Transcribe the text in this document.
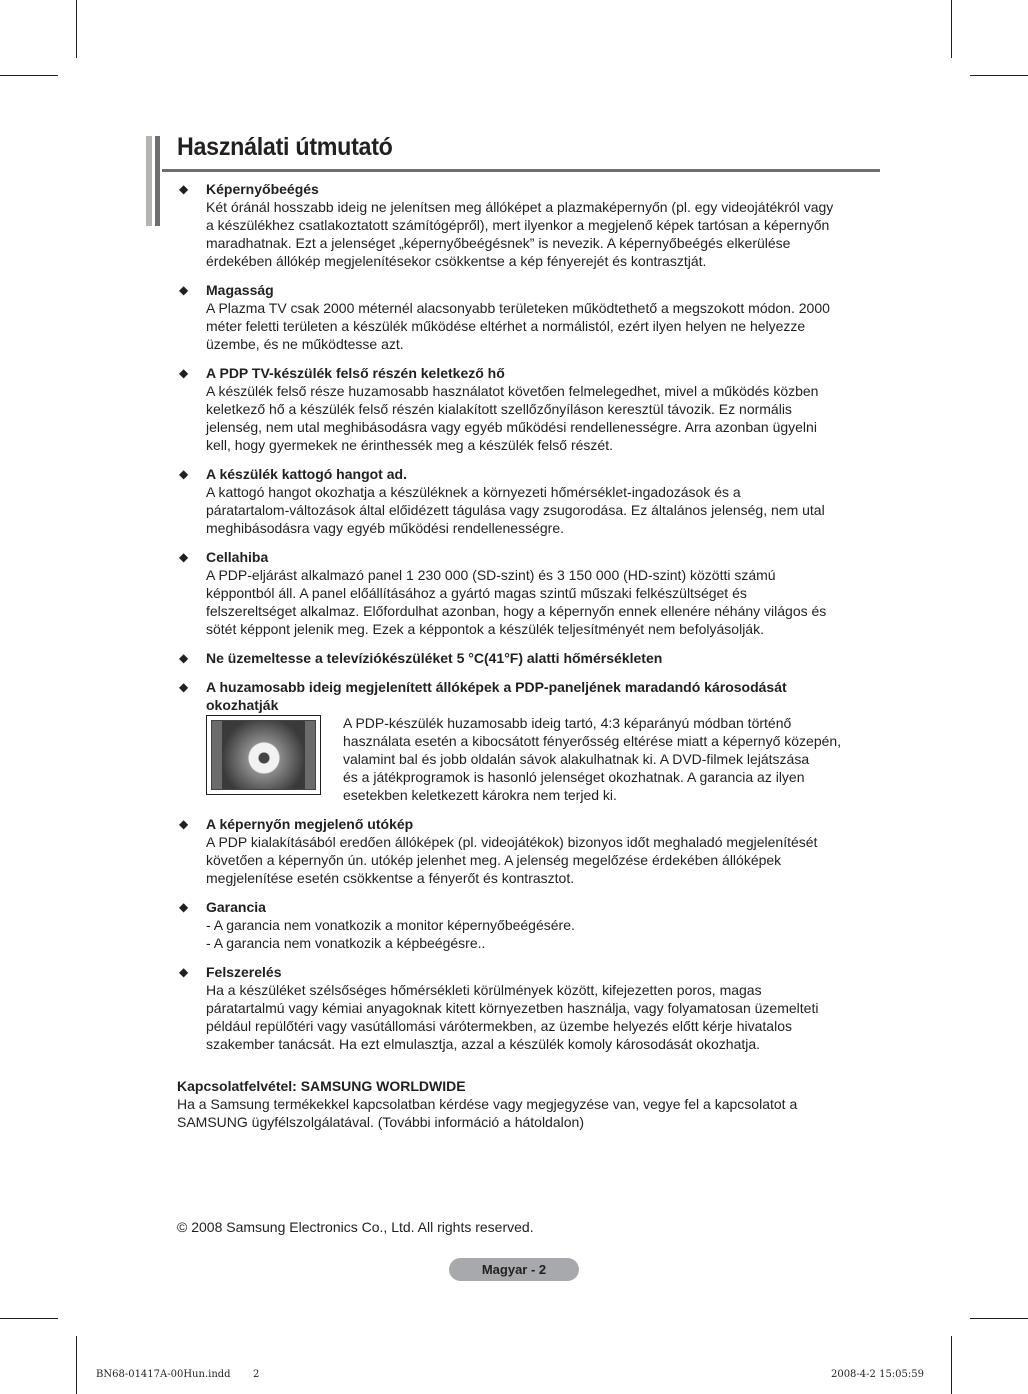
Használati útmutató
◆ Képernyőbeégés
Két óránál hosszabb ideig ne jelenítsen meg állóképet a plazmaképernyőn (pl. egy videojátékról vagy
a készülékhez csatlakoztatott számítógépről), mert ilyenkor a megjelenő képek tartósan a képernyőn
maradhatnak. Ezt a jelenséget „képernyőbeégésnek” is nevezik. A képernyőbeégés elkerülése
érdekében állókép megjelenítésekor csökkentse a kép fényerejét és kontrasztját.
◆ Magasság
A Plazma TV csak 2000 méternél alacsonyabb területeken működtethető a megszokott módon. 2000
méter feletti területen a készülék működése eltérhet a normálistól, ezért ilyen helyen ne helyezze
üzembe, és ne működtesse azt.
◆ A PDP TV-készülék felső részén keletkező hő
A készülék felső része huzamosabb használatot követően felmelegedhet, mivel a működés közben
keletkező hő a készülék felső részén kialakított szellőzőnyíláson keresztül távozik. Ez normális
jelenség, nem utal meghibásodásra vagy egyéb működési rendellenességre. Arra azonban ügyelni
kell, hogy gyermekek ne érinthessék meg a készülék felső részét.
◆ A készülék kattogó hangot ad.
A kattogó hangot okozhatja a készüléknek a környezeti hőmérséklet-ingadozások és a
páratartalom-változások által előidézett tágulása vagy zsugorodása. Ez általános jelenség, nem utal
meghibásodásra vagy egyéb működési rendellenességre.
◆ Cellahiba
A PDP-eljárást alkalmazó panel 1 230 000 (SD-szint) és 3 150 000 (HD-szint) közötti számú
képpontból áll. A panel előállításához a gyártó magas szintű műszaki felkészültséget és
felszereltséget alkalmaz. Előfordulhat azonban, hogy a képernyőn ennek ellenére néhány világos és
sötét képpont jelenik meg. Ezek a képpontok a készülék teljesítményét nem befolyásolják.
◆ Ne üzemeltesse a televíziókészüléket 5 °C(41°F) alatti hőmérsékleten
◆ A huzamosabb ideig megjelenített állóképek a PDP-paneljének maradandó károsodását
okozhatják
A PDP-készülék huzamosabb ideig tartó, 4:3 képarányú módban történő
használata esetén a kibocsátott fényerősség eltérése miatt a képernyő közepén,
valamint bal és jobb oldalán sávok alakulhatnak ki. A DVD-filmek lejátszása
és a játékprogramok is hasonló jelenséget okozhatnak. A garancia az ilyen
esetekben keletkezett károkra nem terjed ki.
◆ A képernyőn megjelenő utókép
A PDP kialakításából eredően állóképek (pl. videojátékok) bizonyos időt meghaladó megjelenítését
követően a képernyőn ún. utókép jelenhet meg. A jelenség megelőzése érdekében állóképek
megjelenítése esetén csökkentse a fényerőt és kontrasztot.
◆ Garancia
- A garancia nem vonatkozik a monitor képernyőbeégésére.
- A garancia nem vonatkozik a képbeégésre..
◆ Felszerelés
Ha a készüléket szélsőséges hőmérsékleti körülmények között, kifejezetten poros, magas
páratartalmú vagy kémiai anyagoknak kitett környezetben használja, vagy folyamatosan üzemelteti
például repülőtéri vagy vasútállomási várótermekben, az üzembe helyezés előtt kérje hivatalos
szakember tanácsát. Ha ezt elmulasztja, azzal a készülék komoly károsodását okozhatja.
Kapcsolatfelvétel: SAMSUNG WORLDWIDE
Ha a Samsung termékekkel kapcsolatban kérdése vagy megjegyzése van, vegye fel a kapcsolatot a
SAMSUNG ügyfélszolgálatával. (További információ a hátoldalon)
© 2008 Samsung Electronics Co., Ltd. All rights reserved.
Magyar - 2
BN68-01417A-00Hun.indd 2	2008-4-2 15:05:59
